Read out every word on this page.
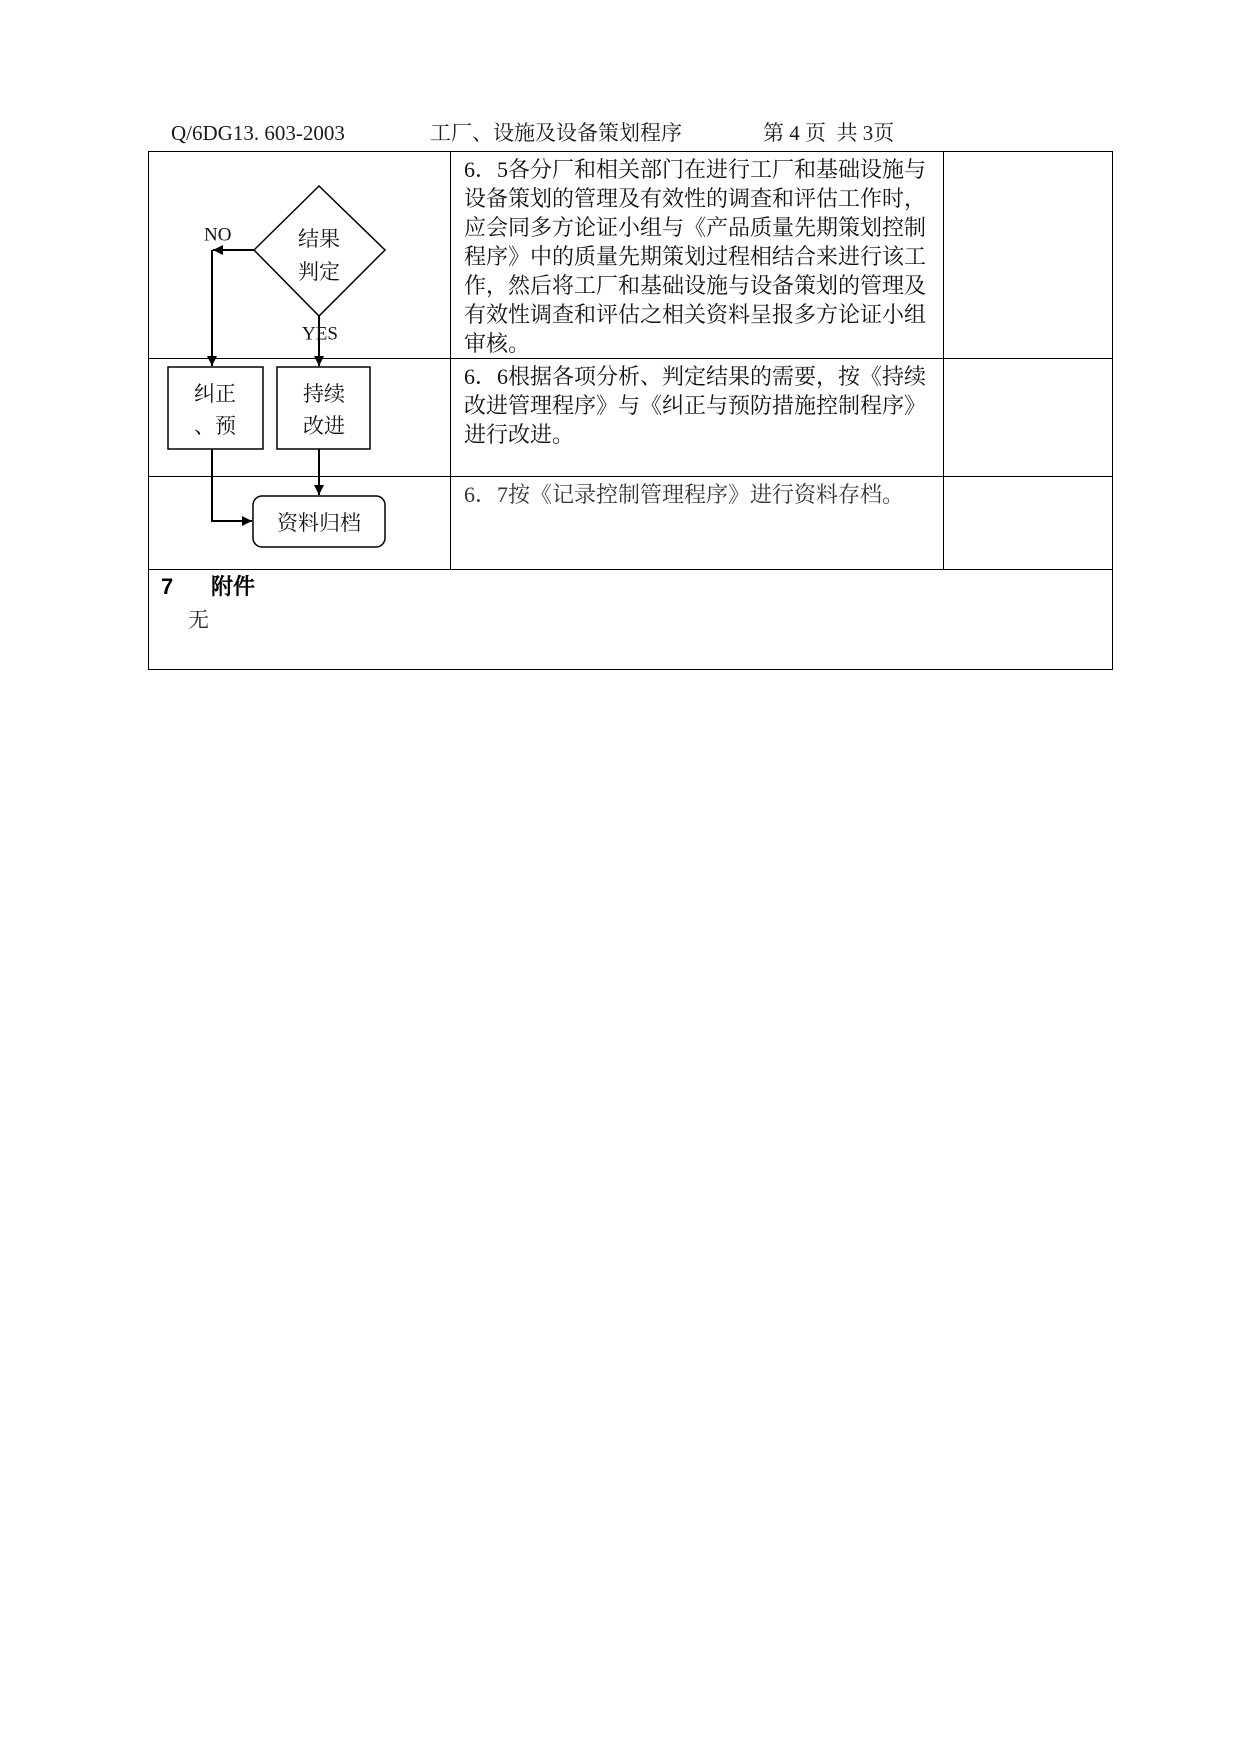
Q/6DG13. 603-2003	工厂、设施及设备策划程序	第 4 页  共 3页
6．5各分厂和相关部门在进行工厂和基础设施与
设备策划的管理及有效性的调查和评估工作时，
应会同多方论证小组与《产品质量先期策划控制
程序》中的质量先期策划过程相结合来进行该工
作，然后将工厂和基础设施与设备策划的管理及
有效性调查和评估之相关资料呈报多方论证小组
审核。
6．6根据各项分析、判定结果的需要，按《持续
改进管理程序》与《纠正与预防措施控制程序》
进行改进。
6．7按《记录控制管理程序》进行资料存档。
7 附件
无
结果
判定
NO
YES
纠正
、预
持续
改进
资料归档
